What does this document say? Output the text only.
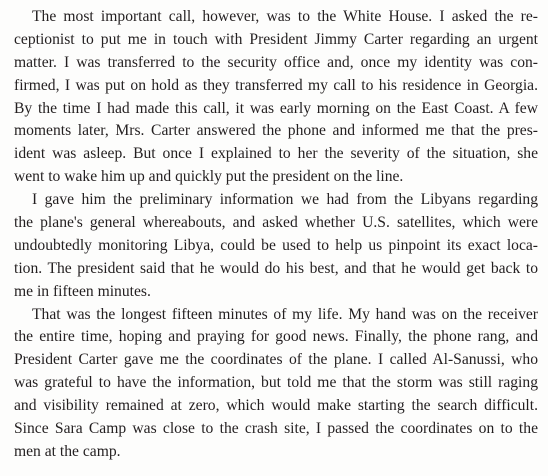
The most important call, however, was to the White House. I asked the re-
ceptionist to put me in touch with President Jimmy Carter regarding an urgent
matter. I was transferred to the security office and, once my identity was con-
firmed, I was put on hold as they transferred my call to his residence in Georgia.
By the time I had made this call, it was early morning on the East Coast. A few
moments later, Mrs. Carter answered the phone and informed me that the pres-
ident was asleep. But once I explained to her the severity of the situation, she
went to wake him up and quickly put the president on the line.
I gave him the preliminary information we had from the Libyans regarding
the plane's general whereabouts, and asked whether U.S. satellites, which were
undoubtedly monitoring Libya, could be used to help us pinpoint its exact loca-
tion. The president said that he would do his best, and that he would get back to
me in fifteen minutes.
That was the longest fifteen minutes of my life. My hand was on the receiver
the entire time, hoping and praying for good news. Finally, the phone rang, and
President Carter gave me the coordinates of the plane. I called Al-Sanussi, who
was grateful to have the information, but told me that the storm was still raging
and visibility remained at zero, which would make starting the search difficult.
Since Sara Camp was close to the crash site, I passed the coordinates on to the
men at the camp.
